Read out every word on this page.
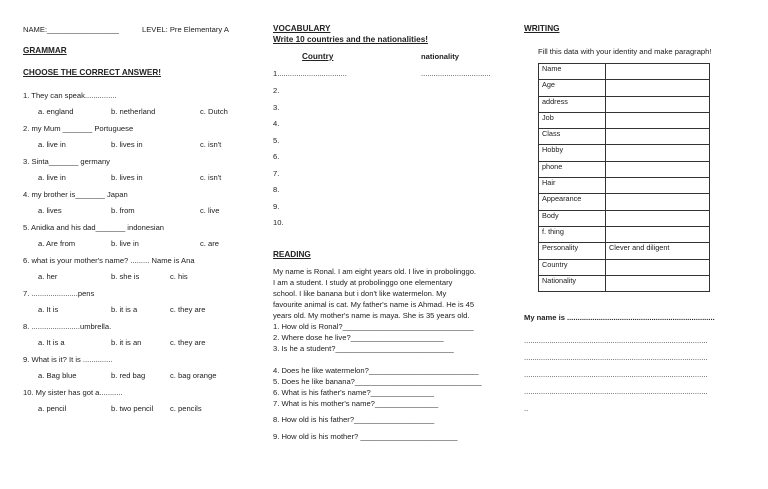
NAME:_________________	LEVEL: Pre Elementary A
GRAMMAR
CHOOSE THE CORRECT ANSWER!
1. They can speak...............
a. england	b. netherland	c. Dutch
2. my Mum _______ Portuguese
a. live in	b. lives in	c. isn't
3. Sinta_______ germany
a. live in	b. lives in	c. isn't
4. my brother is_______ Japan
a. lives	b. from	c. live
5. Anidka and his dad_______ indonesian
a. Are from	b. live in	c. are
6. what is your mother's name? ......... Name is Ana
a. her	b. she is	c. his
7. ......................pens
a. It is	b. it is a	c. they are
8. .......................umbrella.
a. It is a	b. it is an	c. they are
9. What is it? It is ..............
a. Bag blue	b. red bag	c. bag orange
10. My sister has got a...........
a. pencil	b. two pencil c. pencils
VOCABULARY
Write 10 countries and the nationalities!
Country	nationality
1.................................	.................................
2.
3.
4.
5.
6.
7.
8.
9.
10.
READING
My name is Ronal. I am eight years old. I live in probolinggo.
I am a student. I study at probolinggo one elementary
school. I like banana but i don't like watermelon. My
favourite animal is cat. My father's name is Ahmad. He is 45
years old. My mother's name is maya. She is 35 years old.
1. How old is Ronal?_______________________________
2. Where dose he live?______________________
3. Is he a student?____________________________
4. Does he like watermelon?__________________________
5. Does he like banana?______________________________
6. What is his father's name?_______________
7. What is his mother's name?_______________
8. How old is his father?___________________
9. How old is his mother? _______________________
WRITING
Fill this data with your identity and make paragraph!
Name	
Age	
address	
Job	
Class	
Hobby	
phone	
Hair	
Appearance	
Body	
f. thing	
Personality	Clever and diligent
Country	
Nationality	
My name is ......................................................................
.......................................................................................
.......................................................................................
.......................................................................................
.......................................................................................
..
